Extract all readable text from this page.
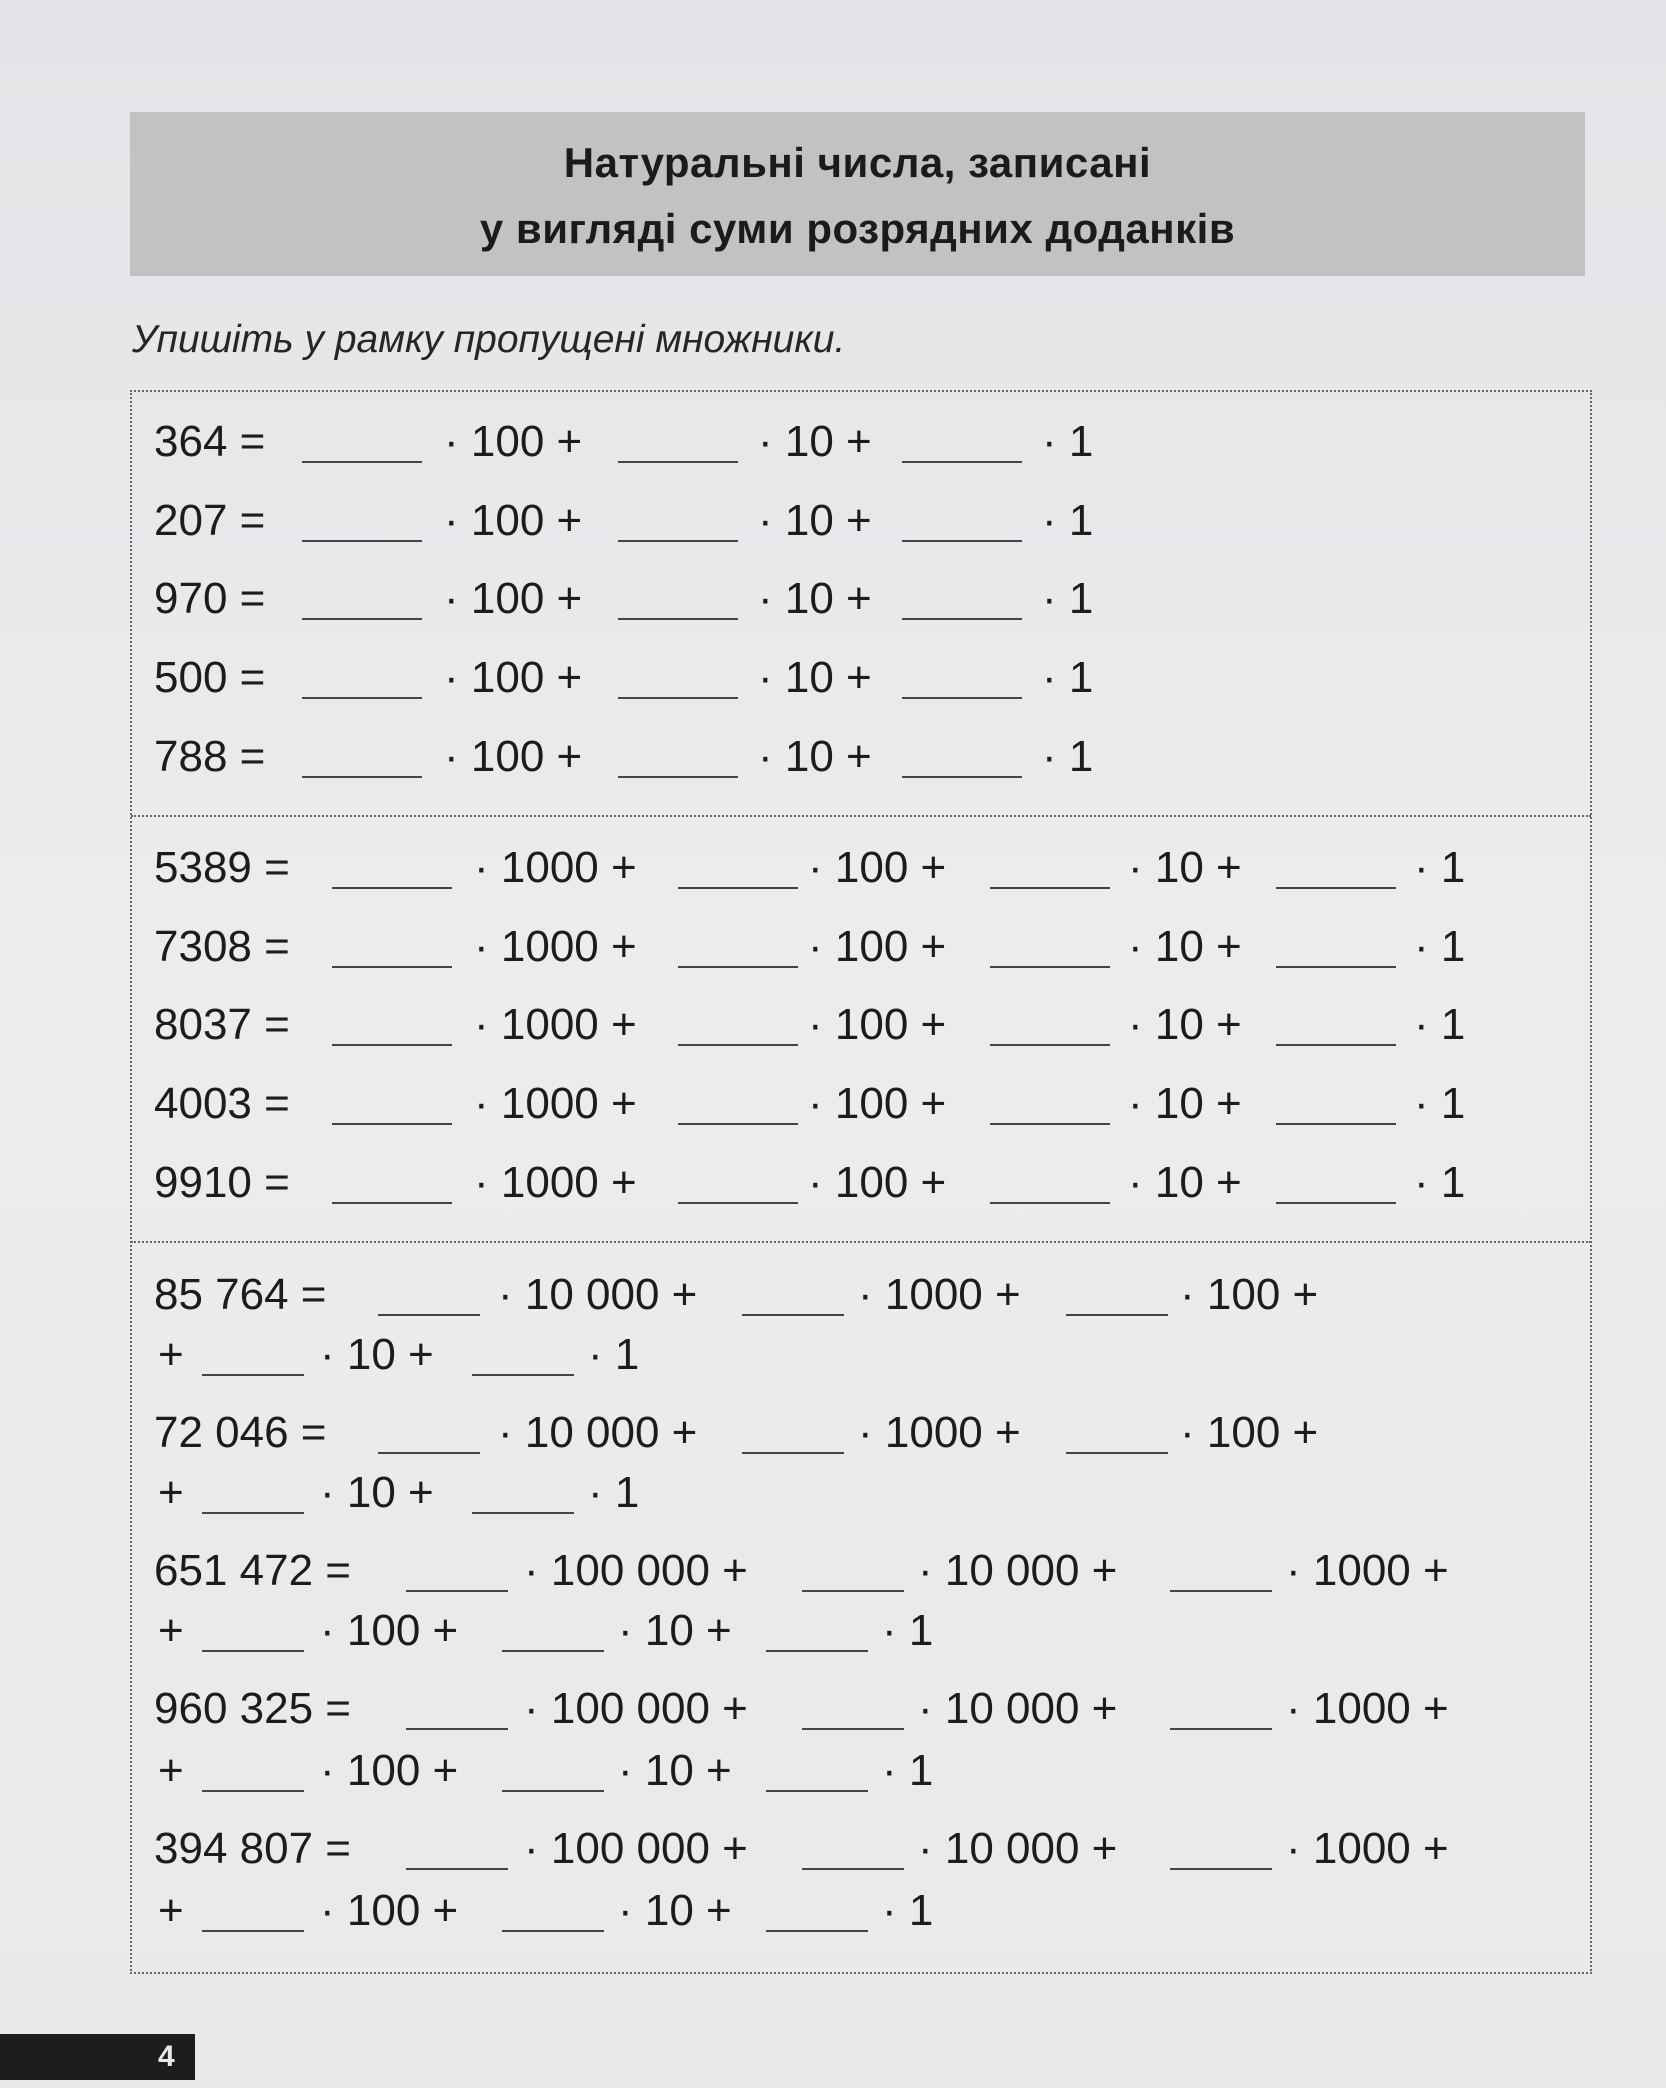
Натуральні числа, записані
у вигляді суми розрядних доданків
Упишіть у рамку пропущені множники.
364 =	· 100 +	· 10 +	· 1
207 =	· 100 +	· 10 +	· 1
970 =	· 100 +	· 10 +	· 1
500 =	· 100 +	· 10 +	· 1
788 =	· 100 +	· 10 +	· 1
5389 =	· 1000 +	· 100 +	· 10 +	· 1
7308 =	· 1000 +	· 100 +	· 10 +	· 1
8037 =	· 1000 +	· 100 +	· 10 +	· 1
4003 =	· 1000 +	· 100 +	· 10 +	· 1
9910 =	· 1000 +	· 100 +	· 10 +	· 1
85 764 =	· 10 000 +	· 1000 +	· 100 +
+	· 10 +	· 1
72 046 =	· 10 000 +	· 1000 +	· 100 +
+	· 10 +	· 1
651 472 =	· 100 000 +	· 10 000 +	· 1000 +
+	· 100 +	· 10 +	· 1
960 325 =	· 100 000 +	· 10 000 +	· 1000 +
+	· 100 +	· 10 +	· 1
394 807 =	· 100 000 +	· 10 000 +	· 1000 +
+	· 100 +	· 10 +	· 1
4
